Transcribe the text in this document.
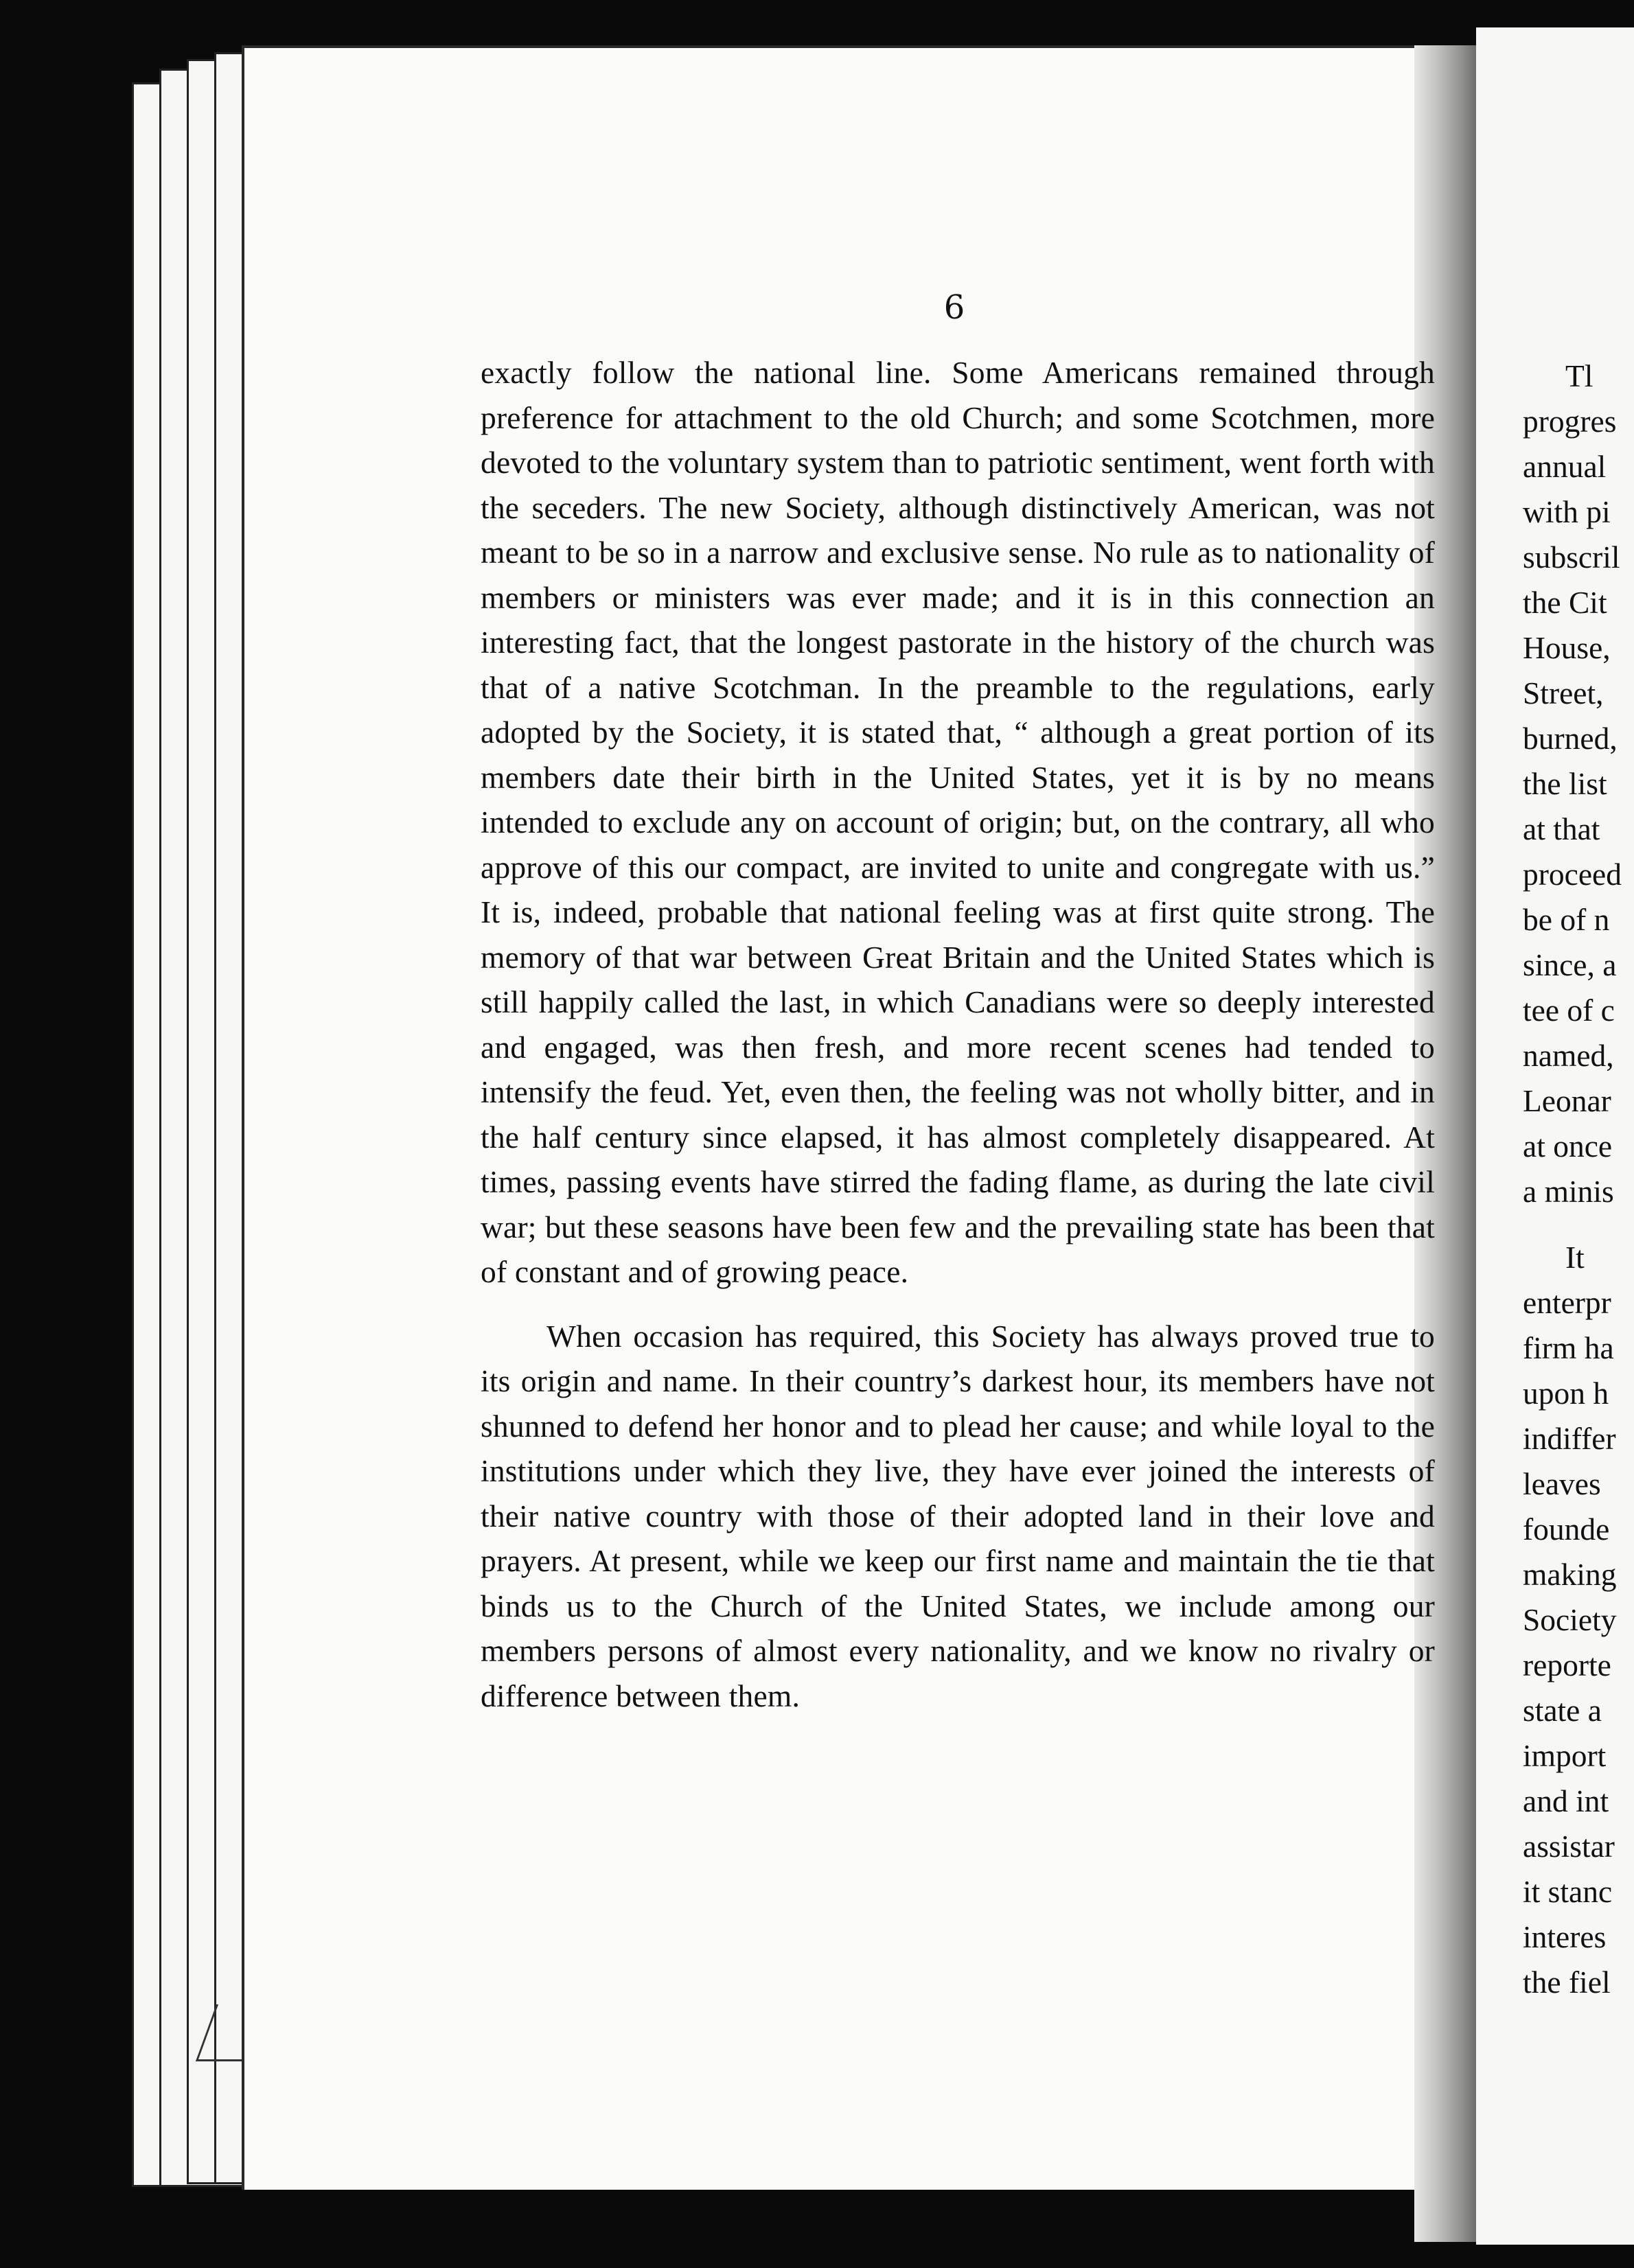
6

exactly follow the national line. Some Americans remained through preference for attachment to the old Church; and some Scotchmen, more devoted to the voluntary system than to patriotic sentiment, went forth with the seceders. The new Society, although distinctively American, was not meant to be so in a narrow and exclusive sense. No rule as to nationality of members or ministers was ever made; and it is in this connection an interesting fact, that the longest pastorate in the history of the church was that of a native Scotchman. In the preamble to the regulations, early adopted by the Society, it is stated that, “ although a great portion of its members date their birth in the United States, yet it is by no means intended to exclude any on account of origin; but, on the contrary, all who approve of this our compact, are invited to unite and congregate with us.” It is, indeed, probable that national feeling was at first quite strong. The memory of that war between Great Britain and the United States which is still happily called the last, in which Canadians were so deeply interested and engaged, was then fresh, and more recent scenes had tended to intensify the feud. Yet, even then, the feeling was not wholly bitter, and in the half century since elapsed, it has almost completely disappeared. At times, passing events have stirred the fading flame, as during the late civil war; but these seasons have been few and the prevailing state has been that of constant and of growing peace.

When occasion has required, this Society has always proved true to its origin and name. In their country’s darkest hour, its members have not shunned to defend her honor and to plead her cause; and while loyal to the institutions under which they live, they have ever joined the interests of their native country with those of their adopted land in their love and prayers. At present, while we keep our first name and maintain the tie that binds us to the Church of the United States, we include among our members persons of almost every nationality, and we know no rivalry or difference between them.

Tl
progres
annual
with pi
subscril
the Cit
House,
Street,
burned,
the list
at that
proceed
be of n
since, a
tee of c
named,
Leonar
at once
a minis
It
enterpr
firm ha
upon h
indiffer
leaves
founde
making
Society
reporte
state a
import
and int
assistar
it stanc
interes
the fiel
